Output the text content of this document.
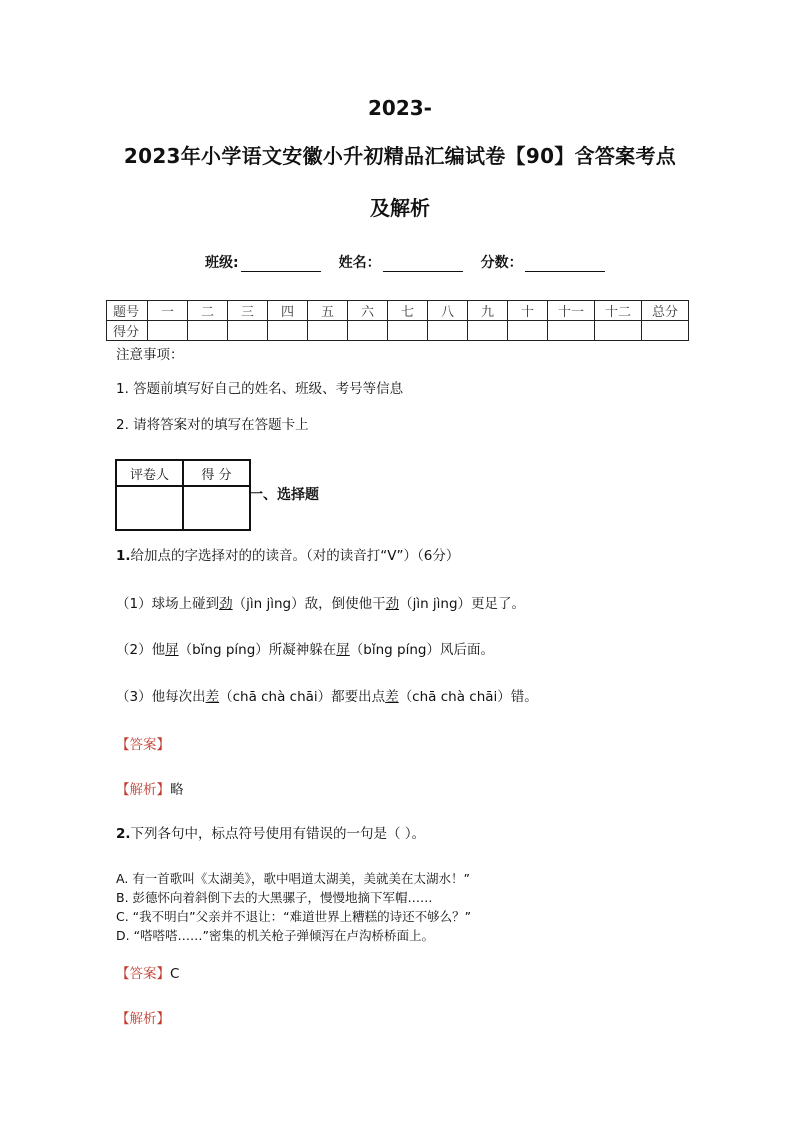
2023-
2023年小学语文安徽小升初精品汇编试卷【90】含答案考点
及解析
班级:	姓名：	分数：
题号	一	二	三	四	五	六	七	八	九	十	十一	十二	总分
得分													
注意事项：
1. 答题前填写好自己的姓名、班级、考号等信息
2. 请将答案对的填写在答题卡上
评卷人	得 分

一、选择题
1.给加点的字选择对的的读音。（对的读音打“V”）（6分）
（1）球场上碰到劲（jìn jìng）敌，倒使他干劲（jìn jìng）更足了。
（2）他屏（bǐng píng）所凝神躲在屏（bǐng píng）风后面。
（3）他每次出差（chā chà chāi）都要出点差（chā chà chāi）错。
【答案】
【解析】略
2.下列各句中，标点符号使用有错误的一句是（ ）。
A. 有一首歌叫《太湖美》，歌中唱道太湖美，美就美在太湖水！”
B. 彭德怀向着斜倒下去的大黑骡子，慢慢地摘下军帽……
C. “我不明白”父亲并不退让：“难道世界上糟糕的诗还不够么？”
D. “嗒嗒嗒……”密集的机关枪子弹倾泻在卢沟桥桥面上。
【答案】C
【解析】
